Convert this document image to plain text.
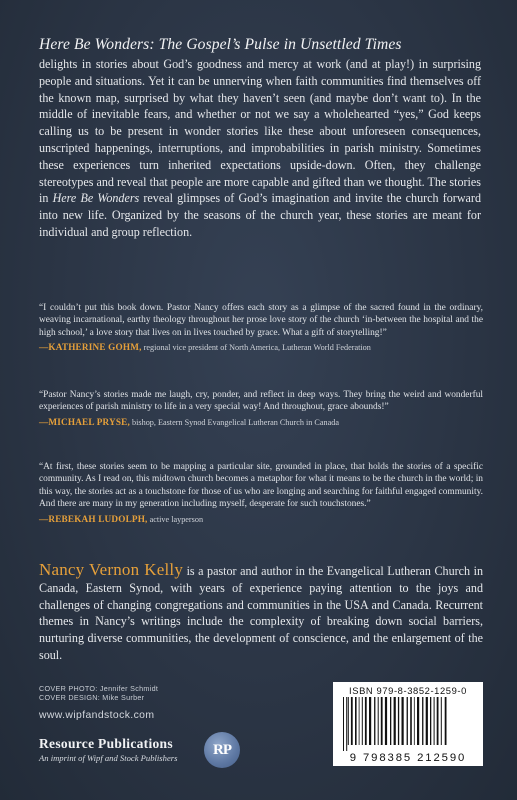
Here Be Wonders: The Gospel’s Pulse in Unsettled Times
delights in stories about God’s goodness and mercy at work (and at play!) in surprising people and situations. Yet it can be unnerving when faith communities find themselves off the known map, surprised by what they haven’t seen (and maybe don’t want to). In the middle of inevitable fears, and whether or not we say a wholehearted “yes,” God keeps calling us to be present in wonder stories like these about unforeseen consequences, unscripted happenings, interruptions, and improbabilities in parish ministry. Sometimes these experiences turn inherited expectations upside-down. Often, they challenge stereotypes and reveal that people are more capable and gifted than we thought. The stories in Here Be Wonders reveal glimpses of God’s imagination and invite the church forward into new life. Organized by the seasons of the church year, these stories are meant for individual and group reflection.
“I couldn’t put this book down. Pastor Nancy offers each story as a glimpse of the sacred found in the ordinary, weaving incarnational, earthy theology throughout her prose love story of the church ‘in-between the hospital and the high school,’ a love story that lives on in lives touched by grace. What a gift of storytelling!”
—KATHERINE GOHM, regional vice president of North America, Lutheran World Federation
“Pastor Nancy’s stories made me laugh, cry, ponder, and reflect in deep ways. They bring the weird and wonderful experiences of parish ministry to life in a very special way! And throughout, grace abounds!”
—MICHAEL PRYSE, bishop, Eastern Synod Evangelical Lutheran Church in Canada
“At first, these stories seem to be mapping a particular site, grounded in place, that holds the stories of a specific community. As I read on, this midtown church becomes a metaphor for what it means to be the church in the world; in this way, the stories act as a touchstone for those of us who are longing and searching for faithful engaged community. And there are many in my generation including myself, desperate for such touchstones.”
—REBEKAH LUDOLPH, active layperson
Nancy Vernon Kelly is a pastor and author in the Evangelical Lutheran Church in Canada, Eastern Synod, with years of experience paying attention to the joys and challenges of changing congregations and communities in the USA and Canada. Recurrent themes in Nancy’s writings include the complexity of breaking down social barriers, nurturing diverse communities, the development of conscience, and the enlargement of the soul.
COVER PHOTO: Jennifer Schmidt
COVER DESIGN: Mike Surber
www.wipfandstock.com
Resource Publications
An imprint of Wipf and Stock Publishers
RP
ISBN 979-8-3852-1259-0
9 798385 212590
